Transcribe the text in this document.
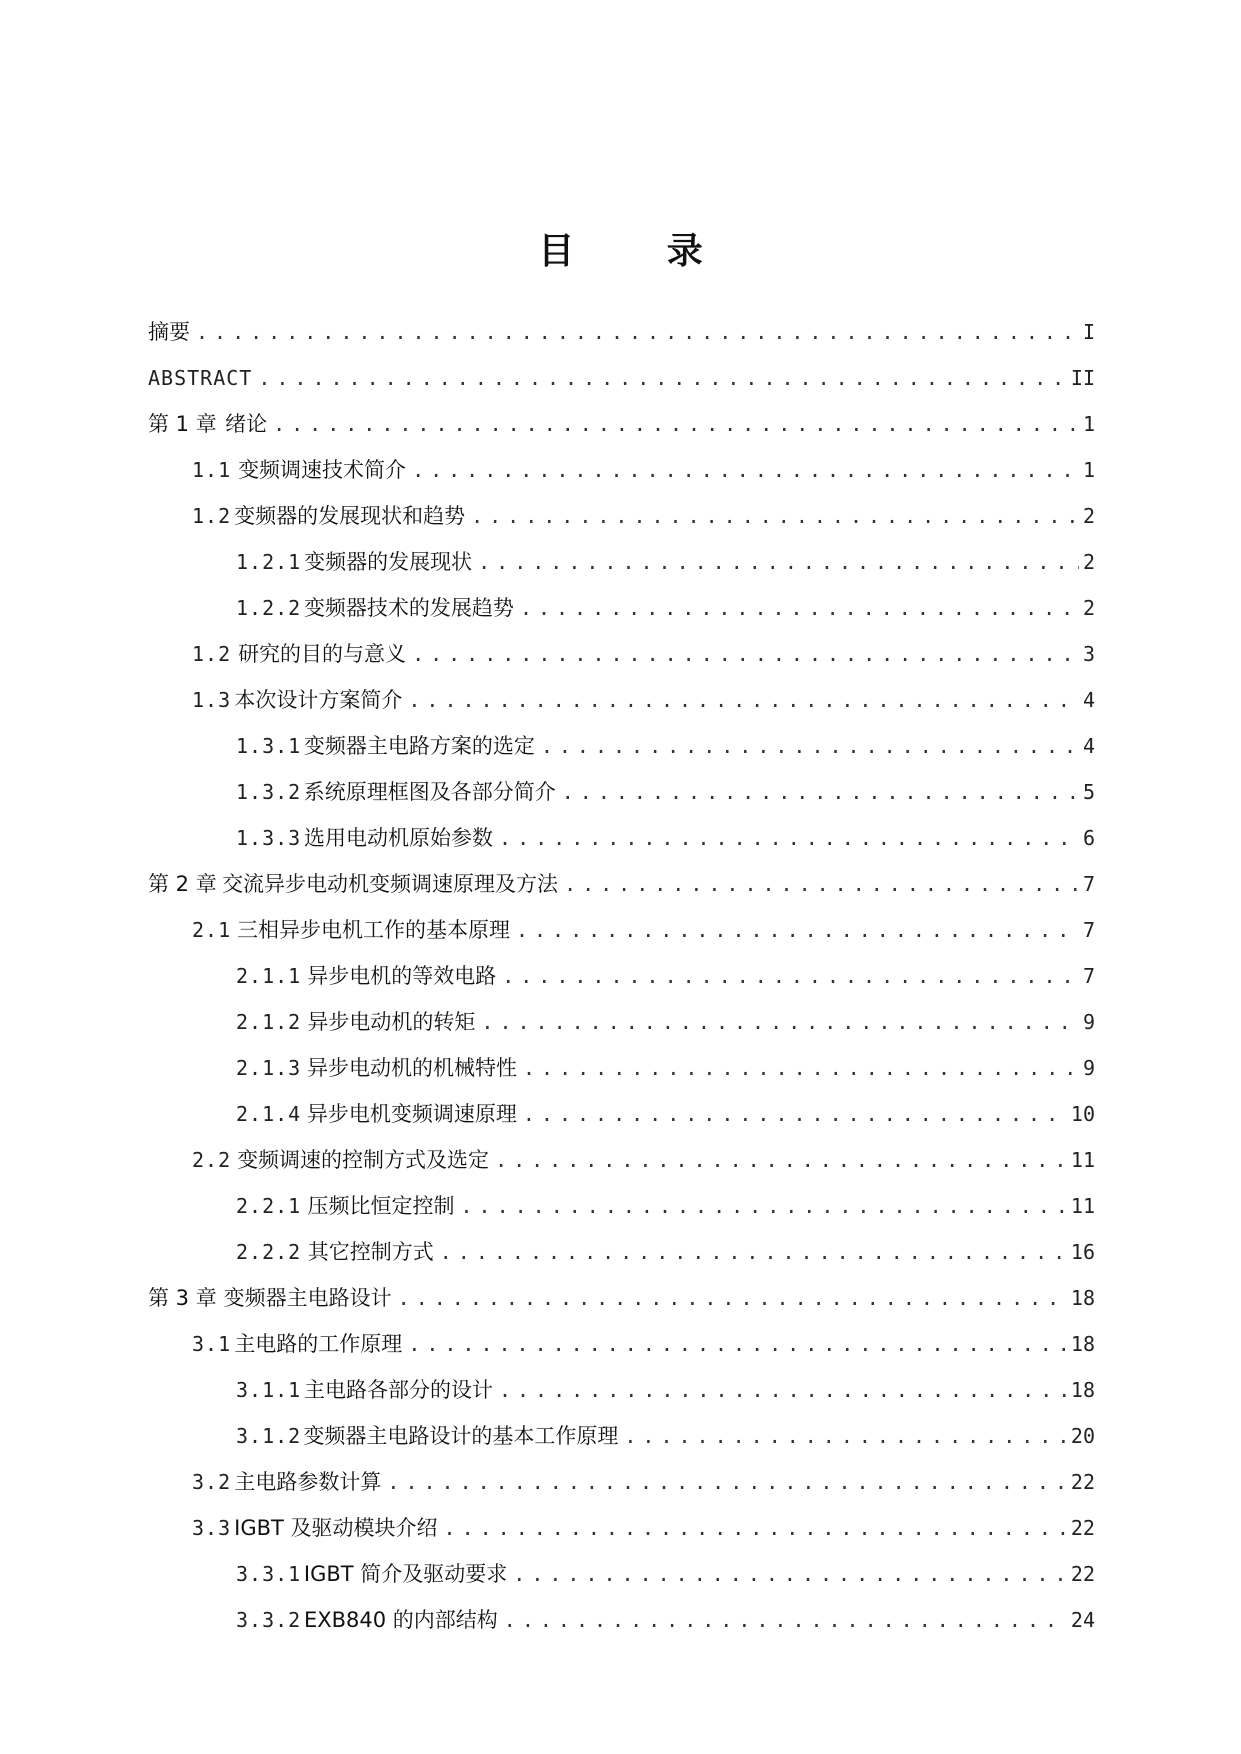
目 录
摘要 .....	I
ABSTRACT .....	II
第 1 章 绪论 .....	1
1.1 变频调速技术简介 .....	1
1.2 变频器的发展现状和趋势 .....	2
1.2.1 变频器的发展现状 .....	2
1.2.2 变频器技术的发展趋势 .....	2
1.2 研究的目的与意义 .....	3
1.3 本次设计方案简介 .....	4
1.3.1 变频器主电路方案的选定 .....	4
1.3.2 系统原理框图及各部分简介 .....	5
1.3.3 选用电动机原始参数 .....	6
第 2 章 交流异步电动机变频调速原理及方法 .....	7
2.1 三相异步电机工作的基本原理 .....	7
2.1.1 异步电机的等效电路 .....	7
2.1.2 异步电动机的转矩 .....	9
2.1.3 异步电动机的机械特性 .....	9
2.1.4 异步电机变频调速原理 .....	10
2.2 变频调速的控制方式及选定 .....	11
2.2.1 压频比恒定控制 .....	11
2.2.2 其它控制方式 .....	16
第 3 章 变频器主电路设计 .....	18
3.1 主电路的工作原理 .....	18
3.1.1 主电路各部分的设计 .....	18
3.1.2 变频器主电路设计的基本工作原理 .....	20
3.2 主电路参数计算 .....	22
3.3 IGBT 及驱动模块介绍 .....	22
3.3.1 IGBT 简介及驱动要求 .....	22
3.3.2 EXB840 的内部结构 .....	24
